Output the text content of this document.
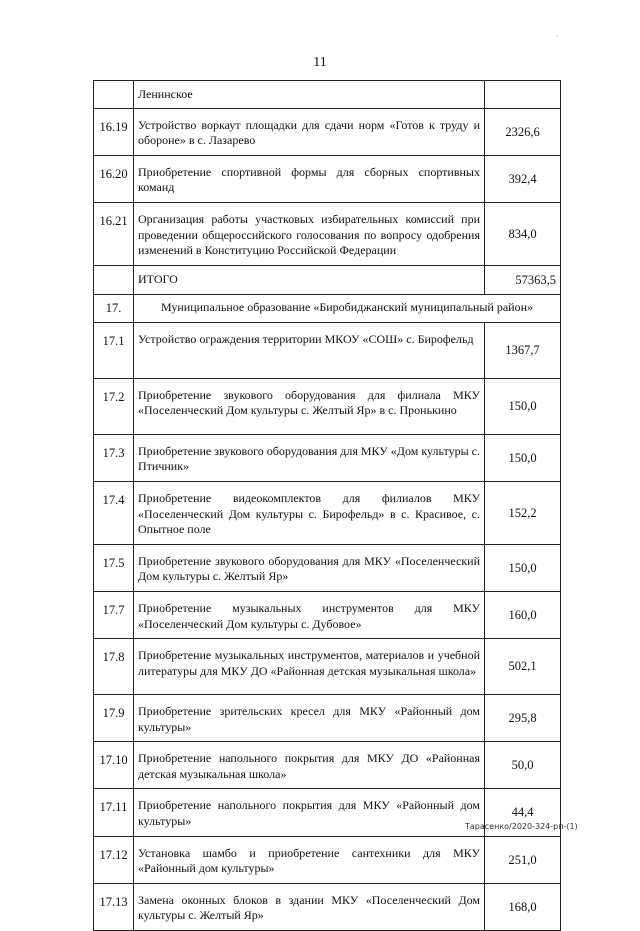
11
·
	Ленинское	
16.19	Устройство воркаут площадки для сдачи норм «Готов к труду и обороне» в с. Лазарево	2326,6
16.20	Приобретение спортивной формы для сборных спортивных команд	392,4
16.21	Организация работы участковых избирательных комиссий при проведении общероссийского голосования по вопросу одобрения изменений в Конституцию Российской Федерации	834,0
	ИТОГО	57363,5
17.	Муниципальное образование «Биробиджанский муниципальный район»	
17.1	Устройство ограждения территории МКОУ «СОШ» с. Бирофельд	1367,7
17.2	Приобретение звукового оборудования для филиала МКУ «Поселенческий Дом культуры с. Желтый Яр» в с. Пронькино	150,0
17.3	Приобретение звукового оборудования для МКУ «Дом культуры с. Птичник»	150,0
17.4	Приобретение видеокомплектов для филиалов МКУ «Поселенческий Дом культуры с. Бирофельд» в с. Красивое, с. Опытное поле	152,2
17.5	Приобретение звукового оборудования для МКУ «Поселенческий Дом культуры с. Желтый Яр»	150,0
17.7	Приобретение музыкальных инструментов для МКУ «Поселенческий Дом культуры с. Дубовое»	160,0
17.8	Приобретение музыкальных инструментов, материалов и учебной литературы для МКУ ДО «Районная детская музыкальная школа»	502,1
17.9	Приобретение зрительских кресел для МКУ «Районный дом культуры»	295,8
17.10	Приобретение напольного покрытия для МКУ ДО «Районная детская музыкальная школа»	50,0
17.11	Приобретение напольного покрытия для МКУ «Районный дом культуры»	44,4
17.12	Установка шамбо и приобретение сантехники для МКУ «Районный дом культуры»	251,0
17.13	Замена оконных блоков в здании МКУ «Поселенческий Дом культуры с. Желтый Яр»	168,0
Тарасенко/2020-324-рп-(1)
